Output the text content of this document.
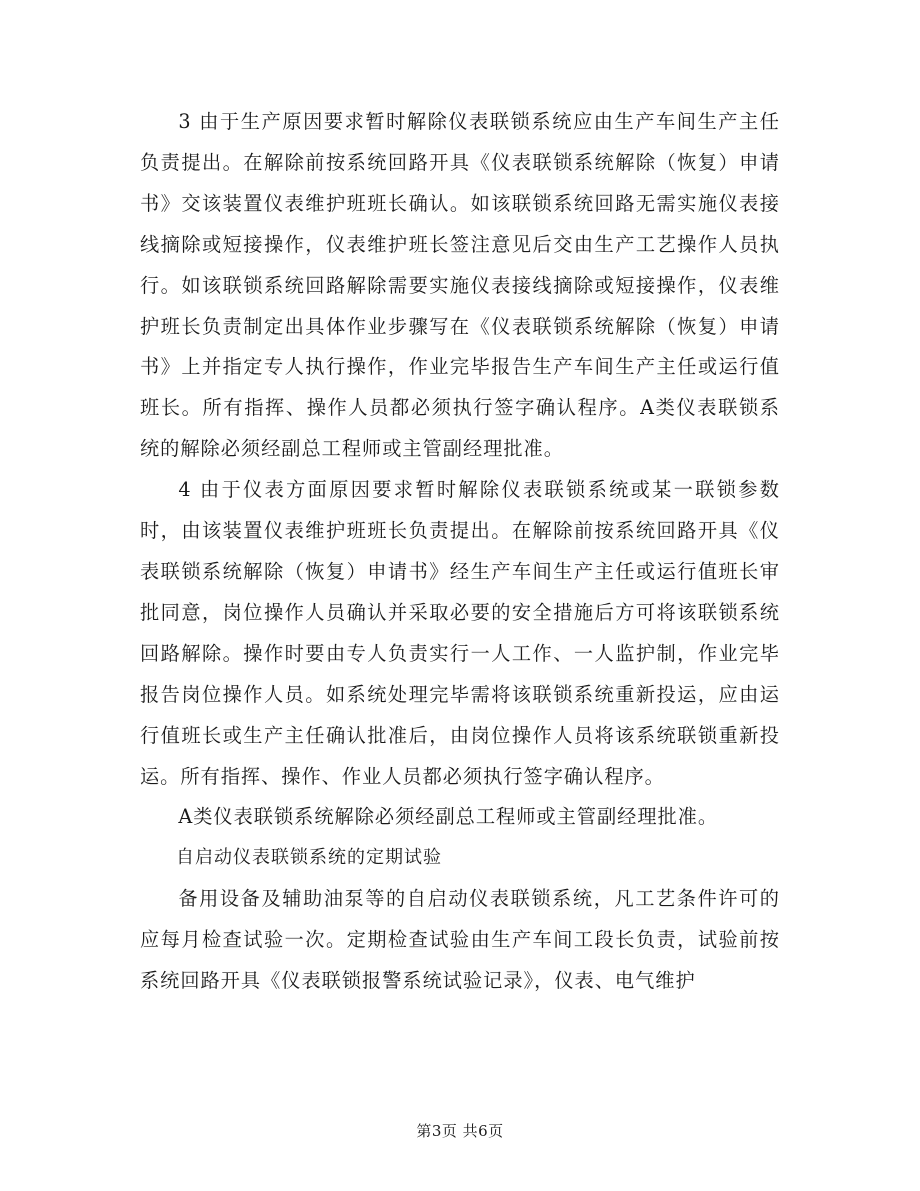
3 由于生产原因要求暂时解除仪表联锁系统应由生产车间生产主任负责提出。在解除前按系统回路开具《仪表联锁系统解除（恢复）申请书》交该装置仪表维护班班长确认。如该联锁系统回路无需实施仪表接线摘除或短接操作，仪表维护班长签注意见后交由生产工艺操作人员执行。如该联锁系统回路解除需要实施仪表接线摘除或短接操作，仪表维护班长负责制定出具体作业步骤写在《仪表联锁系统解除（恢复）申请书》上并指定专人执行操作，作业完毕报告生产车间生产主任或运行值班长。所有指挥、操作人员都必须执行签字确认程序。A类仪表联锁系统的解除必须经副总工程师或主管副经理批准。

4 由于仪表方面原因要求暂时解除仪表联锁系统或某一联锁参数时，由该装置仪表维护班班长负责提出。在解除前按系统回路开具《仪表联锁系统解除（恢复）申请书》经生产车间生产主任或运行值班长审批同意，岗位操作人员确认并采取必要的安全措施后方可将该联锁系统回路解除。操作时要由专人负责实行一人工作、一人监护制，作业完毕报告岗位操作人员。如系统处理完毕需将该联锁系统重新投运，应由运行值班长或生产主任确认批准后，由岗位操作人员将该系统联锁重新投运。所有指挥、操作、作业人员都必须执行签字确认程序。

A类仪表联锁系统解除必须经副总工程师或主管副经理批准。

自启动仪表联锁系统的定期试验

备用设备及辅助油泵等的自启动仪表联锁系统，凡工艺条件许可的应每月检查试验一次。定期检查试验由生产车间工段长负责，试验前按系统回路开具《仪表联锁报警系统试验记录》，仪表、电气维护

第3页 共6页
